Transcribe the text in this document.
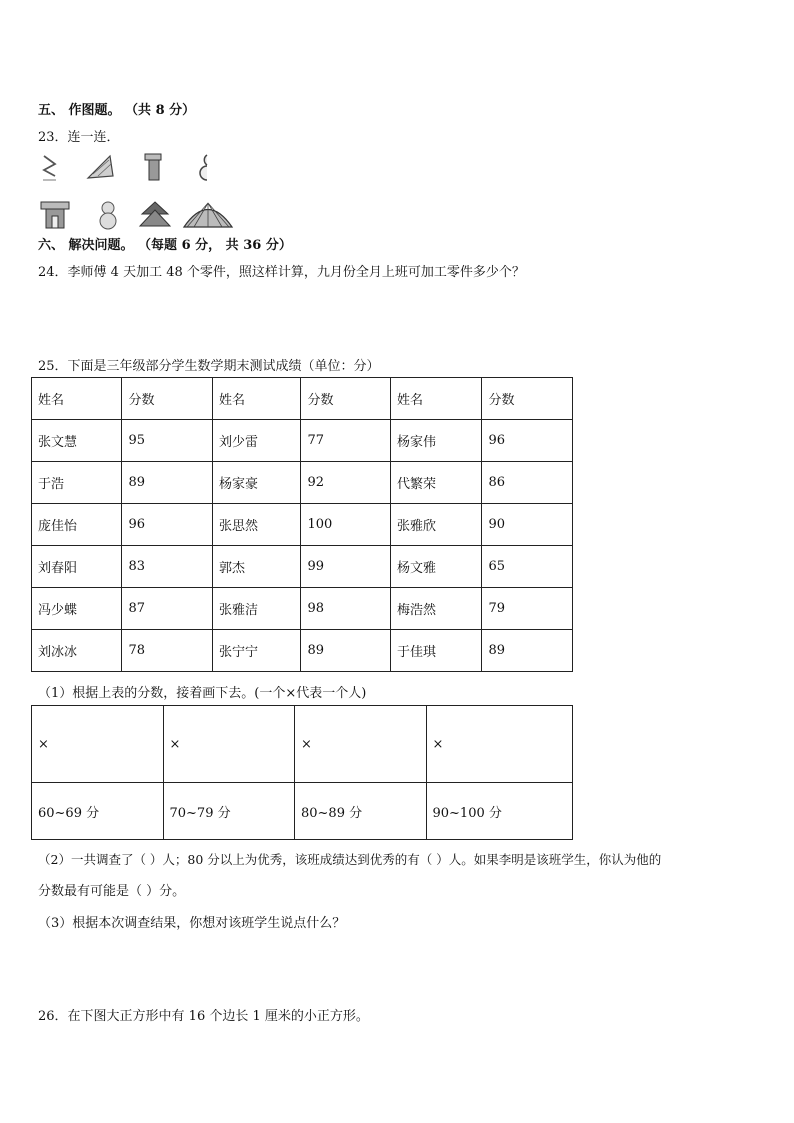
五、 作图题。 （共 8 分）
23．连一连．
六、 解决问题。 （每题 6 分， 共 36 分）
24．李师傅 4 天加工 48 个零件，照这样计算，九月份全月上班可加工零件多少个？
25．下面是三年级部分学生数学期末测试成绩（单位：分）
姓名	分数	姓名	分数	姓名	分数
张文慧	95	刘少雷	77	杨家伟	96
于浩	89	杨家豪	92	代繁荣	86
庞佳怡	96	张思然	100	张雅欣	90
刘春阳	83	郭杰	99	杨文雅	65
冯少蝶	87	张雅洁	98	梅浩然	79
刘冰冰	78	张宁宁	89	于佳琪	89
（1）根据上表的分数，接着画下去。(一个×代表一个人)
×	×	×	×
60~69 分	70~79 分	80~89 分	90~100 分
（2）一共调查了（ ）人；80 分以上为优秀，该班成绩达到优秀的有（ ）人。如果李明是该班学生，你认为他的
分数最有可能是（ ）分。
（3）根据本次调查结果，你想对该班学生说点什么？
26．在下图大正方形中有 16 个边长 1 厘米的小正方形。
